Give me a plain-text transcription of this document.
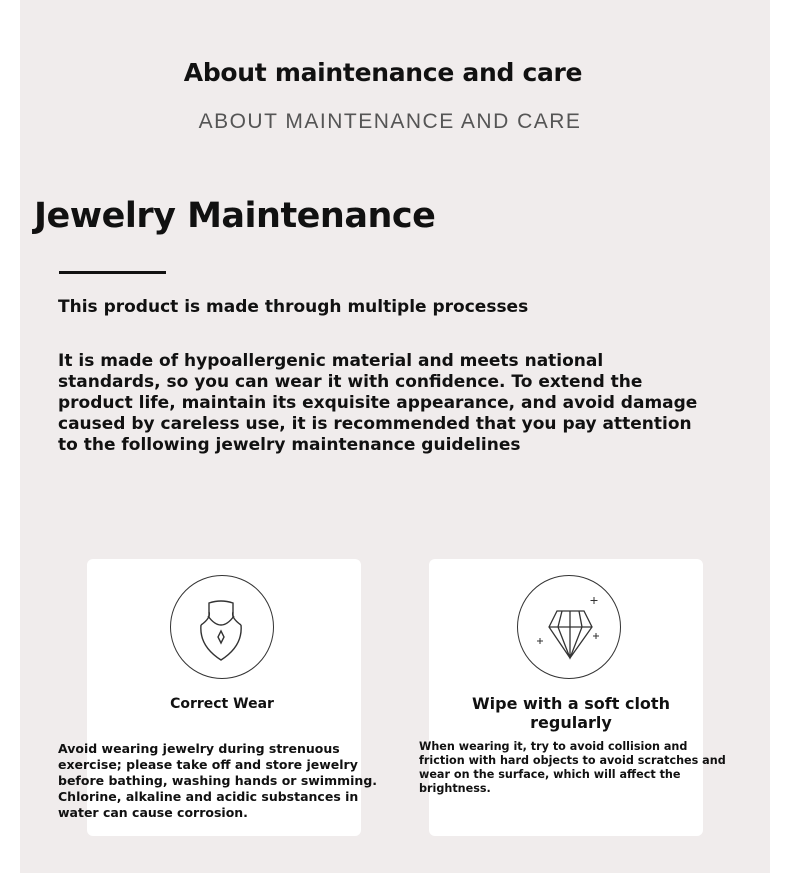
About maintenance and care
ABOUT MAINTENANCE AND CARE
Jewelry Maintenance
This product is made through multiple processes
It is made of hypoallergenic material and meets national standards, so you can wear it with confidence. To extend the product life, maintain its exquisite appearance, and avoid damage caused by careless use, it is recommended that you pay attention to the following jewelry maintenance guidelines
Correct Wear
Avoid wearing jewelry during strenuous exercise; please take off and store jewelry before bathing, washing hands or swimming. Chlorine, alkaline and acidic substances in water can cause corrosion.
Wipe with a soft cloth regularly
When wearing it, try to avoid collision and friction with hard objects to avoid scratches and wear on the surface, which will affect the brightness.
